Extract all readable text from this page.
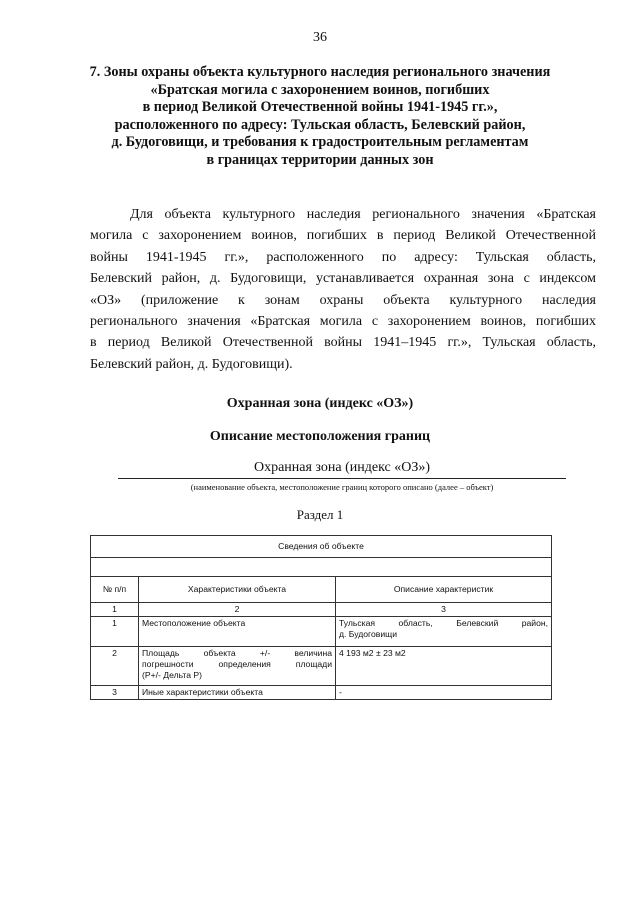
36
7. Зоны охраны объекта культурного наследия регионального значения
«Братская могила с захоронением воинов, погибших
в период Великой Отечественной войны 1941-1945 гг.»,
расположенного по адресу: Тульская область, Белевский район,
д. Будоговищи, и требования к градостроительным регламентам
в границах территории данных зон

Для объекта культурного наследия регионального значения «Братская
могила с захоронением воинов, погибших в период Великой Отечественной
войны 1941-1945 гг.», расположенного по адресу: Тульская область,
Белевский район, д. Будоговищи, устанавливается охранная зона с индексом
«ОЗ» (приложение к зонам охраны объекта культурного наследия
регионального значения «Братская могила с захоронением воинов, погибших
в период Великой Отечественной войны 1941–1945 гг.», Тульская область,
Белевский район, д. Будоговищи).

Охранная зона (индекс «ОЗ»)
Описание местоположения границ
Охранная зона (индекс «ОЗ»)
(наименование объекта, местоположение границ которого описано (далее – объект)
Раздел 1
Сведения об объекте		

№ п/п	Характеристики объекта	Описание характеристик
1	2	3
1	Местоположение объекта	Тульская область, Белевский район,
д. Будоговищи

2	Площадь объекта +/- величина
погрешности определения площади
(Р+/- Дельта Р)	4 193 м2 ± 23 м2
3	Иные характеристики объекта	-
